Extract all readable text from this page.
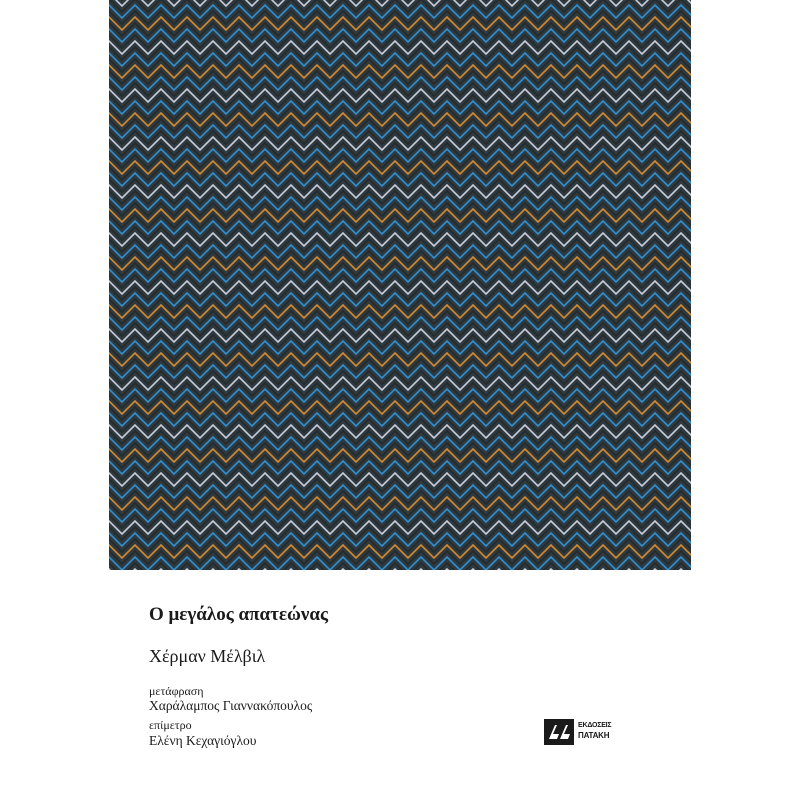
Ο μεγάλος απατεώνας
Χέρμαν Μέλβιλ
μετάφραση
Χαράλαμπος Γιαννακόπουλος
επίμετρο
Ελένη Κεχαγιόγλου
ΕΚΔΟΣΕΙΣ
ΠΑΤΑΚΗ
